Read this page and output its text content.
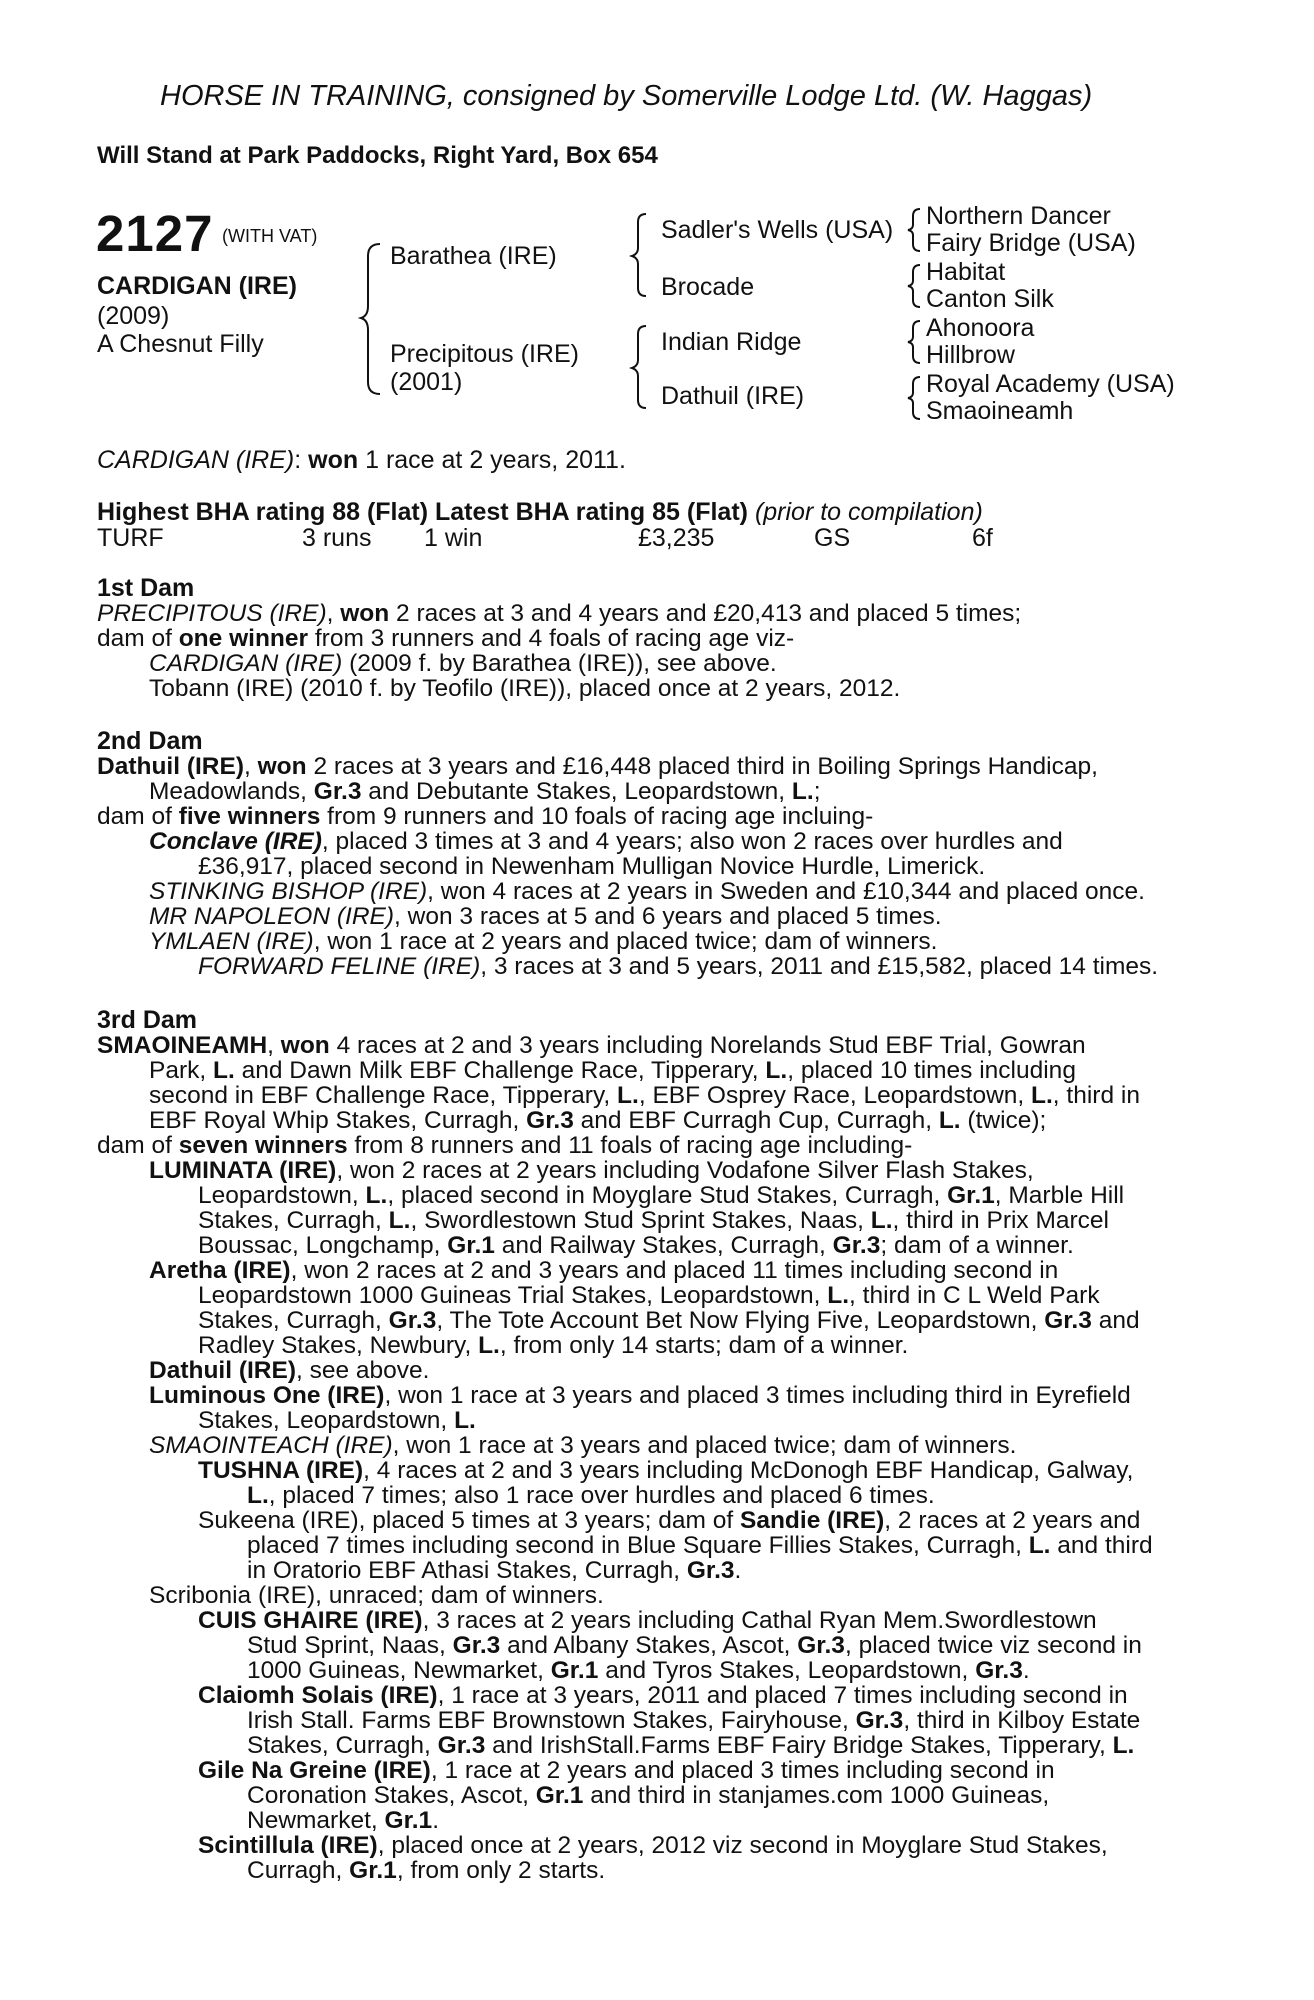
HORSE IN TRAINING, consigned by Somerville Lodge Ltd. (W. Haggas)
Will Stand at Park Paddocks, Right Yard, Box 654
2127 (WITH VAT)
CARDIGAN (IRE)
(2009)
A Chesnut Filly
Barathea (IRE)
Precipitous (IRE)
(2001)
Sadler's Wells (USA)
Brocade
Indian Ridge
Dathuil (IRE)
Northern Dancer
Fairy Bridge (USA)
Habitat
Canton Silk
Ahonoora
Hillbrow
Royal Academy (USA)
Smaoineamh
CARDIGAN (IRE): won 1 race at 2 years, 2011.
Highest BHA rating 88 (Flat) Latest BHA rating 85 (Flat) (prior to compilation)
TURF	3 runs 1 win	£3,235	GS	6f
1st Dam
PRECIPITOUS (IRE), won 2 races at 3 and 4 years and £20,413 and placed 5 times;
dam of one winner from 3 runners and 4 foals of racing age viz-
CARDIGAN (IRE) (2009 f. by Barathea (IRE)), see above.
Tobann (IRE) (2010 f. by Teofilo (IRE)), placed once at 2 years, 2012.
2nd Dam
Dathuil (IRE), won 2 races at 3 years and £16,448 placed third in Boiling Springs Handicap,
Meadowlands, Gr.3 and Debutante Stakes, Leopardstown, L.;
dam of five winners from 9 runners and 10 foals of racing age incluing-
Conclave (IRE), placed 3 times at 3 and 4 years; also won 2 races over hurdles and
£36,917, placed second in Newenham Mulligan Novice Hurdle, Limerick.
STINKING BISHOP (IRE), won 4 races at 2 years in Sweden and £10,344 and placed once.
MR NAPOLEON (IRE), won 3 races at 5 and 6 years and placed 5 times.
YMLAEN (IRE), won 1 race at 2 years and placed twice; dam of winners.
FORWARD FELINE (IRE), 3 races at 3 and 5 years, 2011 and £15,582, placed 14 times.
3rd Dam
SMAOINEAMH, won 4 races at 2 and 3 years including Norelands Stud EBF Trial, Gowran
Park, L. and Dawn Milk EBF Challenge Race, Tipperary, L., placed 10 times including
second in EBF Challenge Race, Tipperary, L., EBF Osprey Race, Leopardstown, L., third in
EBF Royal Whip Stakes, Curragh, Gr.3 and EBF Curragh Cup, Curragh, L. (twice);
dam of seven winners from 8 runners and 11 foals of racing age including-
LUMINATA (IRE), won 2 races at 2 years including Vodafone Silver Flash Stakes,
Leopardstown, L., placed second in Moyglare Stud Stakes, Curragh, Gr.1, Marble Hill
Stakes, Curragh, L., Swordlestown Stud Sprint Stakes, Naas, L., third in Prix Marcel
Boussac, Longchamp, Gr.1 and Railway Stakes, Curragh, Gr.3; dam of a winner.
Aretha (IRE), won 2 races at 2 and 3 years and placed 11 times including second in
Leopardstown 1000 Guineas Trial Stakes, Leopardstown, L., third in C L Weld Park
Stakes, Curragh, Gr.3, The Tote Account Bet Now Flying Five, Leopardstown, Gr.3 and
Radley Stakes, Newbury, L., from only 14 starts; dam of a winner.
Dathuil (IRE), see above.
Luminous One (IRE), won 1 race at 3 years and placed 3 times including third in Eyrefield
Stakes, Leopardstown, L.
SMAOINTEACH (IRE), won 1 race at 3 years and placed twice; dam of winners.
TUSHNA (IRE), 4 races at 2 and 3 years including McDonogh EBF Handicap, Galway,
L., placed 7 times; also 1 race over hurdles and placed 6 times.
Sukeena (IRE), placed 5 times at 3 years; dam of Sandie (IRE), 2 races at 2 years and
placed 7 times including second in Blue Square Fillies Stakes, Curragh, L. and third
in Oratorio EBF Athasi Stakes, Curragh, Gr.3.
Scribonia (IRE), unraced; dam of winners.
CUIS GHAIRE (IRE), 3 races at 2 years including Cathal Ryan Mem.Swordlestown
Stud Sprint, Naas, Gr.3 and Albany Stakes, Ascot, Gr.3, placed twice viz second in
1000 Guineas, Newmarket, Gr.1 and Tyros Stakes, Leopardstown, Gr.3.
Claiomh Solais (IRE), 1 race at 3 years, 2011 and placed 7 times including second in
Irish Stall. Farms EBF Brownstown Stakes, Fairyhouse, Gr.3, third in Kilboy Estate
Stakes, Curragh, Gr.3 and IrishStall.Farms EBF Fairy Bridge Stakes, Tipperary, L.
Gile Na Greine (IRE), 1 race at 2 years and placed 3 times including second in
Coronation Stakes, Ascot, Gr.1 and third in stanjames.com 1000 Guineas,
Newmarket, Gr.1.
Scintillula (IRE), placed once at 2 years, 2012 viz second in Moyglare Stud Stakes,
Curragh, Gr.1, from only 2 starts.
